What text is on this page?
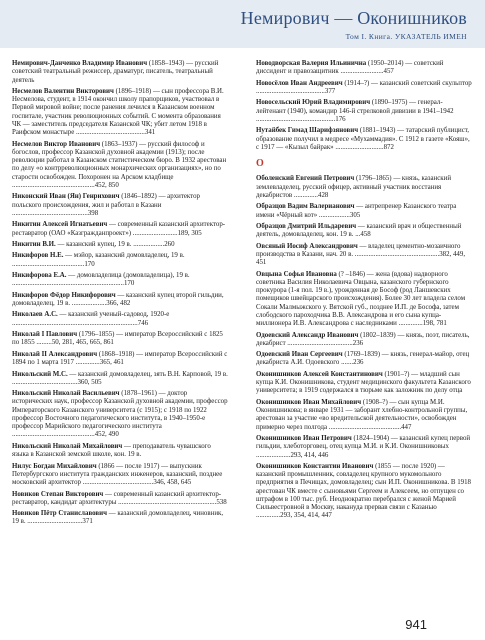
Немирович — Оконишников
Том I. Книга. УКАЗАТЕЛЬ ИМЕН
Немирович-Данченко Владимир Иванович (1858–1943) — русский советский театральный режиссер, драматург, писатель, театральный деятель
Несмелов Валентин Викторович (1896–1918) — сын профессора В.И. Несмелова, студент, в 1914 окончил школу прапорщиков, участвовал в Первой мировой войне; после ранения лечился в Казанском военном госпитале, участник революционных событий. С момента образования ЧК — заместитель председателя Казанской ЧК; убит летом 1918 в Раифском монастыре ........................................341
Несмелов Виктор Иванович (1863–1937) — русский философ и богослов, профессор Казанской духовной академии (1913); после революции работал в Казанском статистическом бюро. В 1932 арестован по делу «о контрреволюционных монархических организациях», но по старости освобожден. Похоронен на Арском кладбище ................................................452, 850
Никонский Иван (Ян) Генрихович (1846–1892) — архитектор польского происхождения, жил и работал в Казани ............................................398
Никитин Алексей Игнатьевич — современный казанский архитектор-реставратор (ОАО «Казгражданпроект») ..........................189, 305
Никитин В.И. — казанский купец, 19 в. ..................260
Никифоров Н.Е. — мэйор, казанский домовладелец, 19 в. ..........................................170
Никифорова Е.А. — домовладелица (домовладелица), 19 в. .................................................................170
Никифоров Фёдор Никифорович — казанский купец второй гильдии, домовладелец, 19 в. ....................366, 482
Николаев А.С. — казанский ученый-садовод, 1920-е .........................................................................746
Николай I Павлович (1796–1855) — император Всероссийский с 1825 по 1855 .........50, 281, 465, 665, 861
Николай II Александрович (1868–1918) — император Всероссийский с 1894 по 1 марта 1917 ..............365, 461
Никольский М.С. — казанский домовладелец, зять В.Н. Карповой, 19 в. ......................................360, 505
Никольский Николай Васильевич (1878–1961) — доктор исторических наук, профессор Казанской духовной академии, профессор Императорского Казанского университета (с 1915); с 1918 по 1922 профессор Восточного педагогического института, в 1940–1950-е профессор Марийского педагогического института ................................................452, 490
Никольский Николай Михайлович — преподаватель чувашского языка в Казанской земской школе, кон. 19 в.
Нилус Богдан Михайлович (1866 — после 1917) — выпускник Петербургского института гражданских инженеров, казанский, позднее московский архитектор .........................................346, 458, 645
Новиков Степан Викторович — современный казанский архитектор-реставратор, кандидат архитектуры .........................................................538
Новиков Пётр Станиславович — казанский домовладелец, чиновник, 19 в. ................................371
Новодворская Валерия Ильинична (1950–2014) — советский диссидент и правозащитник .........................457
Новосёлов Иван Андреевич (1914–?) — казанский советский скульптор ........................................377
Новосельский Юрий Владимирович (1890–1975) — генерал-лейтенант (1940), командир 146-й стрелковой дивизии в 1941–1942 ..............................................176
Нутайбек Гимад Шарифзянович (1881–1943) — татарский публицист, образование получил в медресе «Мухаммадия». С 1912 в газете «Кояш», с 1917 — «Кызыл байрак» ............................872
О
Оболенский Евгений Петрович (1796–1865) — князь, казанский землевладелец, русский офицер, активный участник восстания декабристов ..............428
Образцов Вадим Валерианович — антрепренер Казанского театра имени «Чёрный кот» ..................305
Образцов Дмитрий Ильдаревич — казанский врач и общественный деятель, домовладелец, кон. 19 в. ...458
Овсяный Иосиф Александрович — владелец цементно-мозаичного производства в Казани, нач. 20 в. .................................................382, 449, 451
Овцына Софья Ивановна (? –1846) — жена (вдова) надворного советника Василия Николаевича Овцына, казанского губернского прокурора (1-я пол. 19 в.), урожденная де Бософ (род Ланшевских помещиков швейцарского происхождения). Более 30 лет владела селом Сокали Малмыжского у. Вятской губ., позднее И.П. де Бософа, затем слободского пароходчика В.В. Александрова и его сына купца-миллионера И.В. Александрова с наследниками ..............198, 781
Одоевский Александр Иванович (1802–1839) — князь, поэт, писатель, декабрист ......................................236
Одоевский Иван Сергеевич (1769–1839) — князь, генерал-майор, отец декабриста А.И. Одоевского .......236
Оконишников Алексей Константинович (1901–?) — младший сын купца К.И. Оконишникова, студент медицинского факультета Казанского университета; в 1919 содержался в тюрьме как заложник по делу отца
Оконишников Иван Михайлович (1908–?) — сын купца М.И. Оконишникова; в январе 1931 — заборант хлебно-контрольной группы, арестован за участие «во вредительской деятельности», освобожден примерно через полгода ..........................................447
Оконишников Иван Петрович (1824–1904) — казанский купец первой гильдии, хлеботорговец, отец купца М.И. и К.И. Оконишниковых ....................293, 414, 446
Оконишников Константин Иванович (1855 — после 1920) — казанский промышленник, совладелец крупного мукомольного предприятия в Печищах, домовладелец; сын И.П. Оконишникова. В 1918 арестован ЧК вместе с сыновьями Сергеем и Алексеем, но отпущен со штрафом в 100 тыс. руб. Неоднократно перебрался с женой Марией Сильвестровной в Москву, накануда прервав связи с Казанью ..............293, 354, 414, 447
941
